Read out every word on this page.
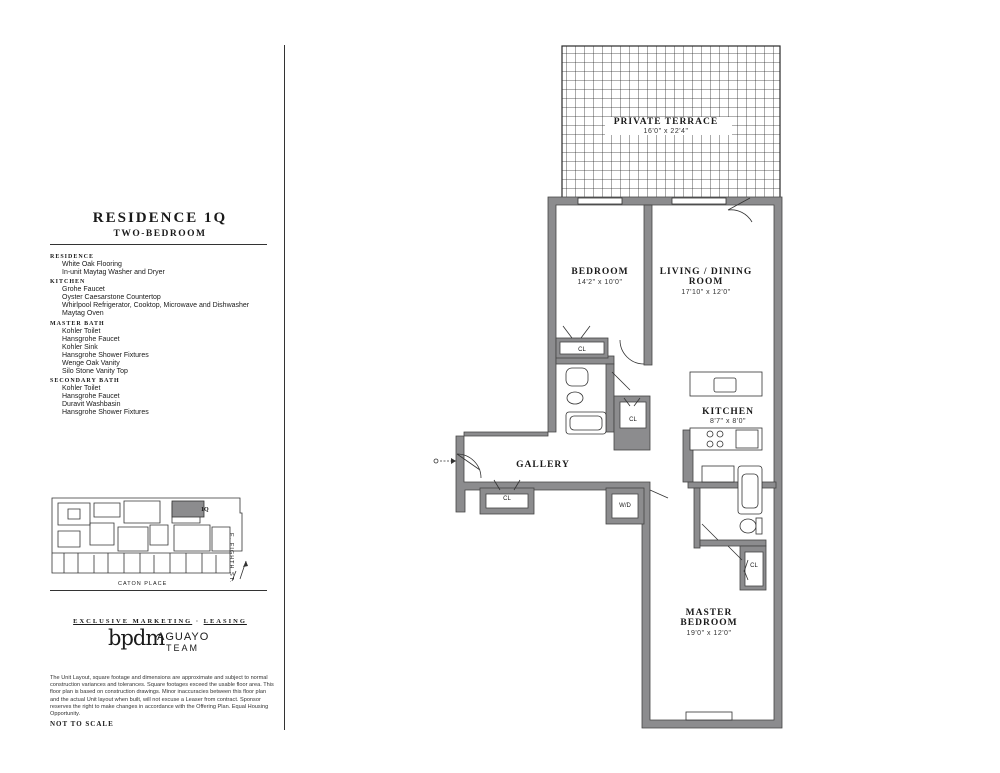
RESIDENCE 1Q
TWO-BEDROOM
RESIDENCE
White Oak Flooring
In-unit Maytag Washer and Dryer
KITCHEN
Grohe Faucet
Oyster Caesarstone Countertop
Whirlpool Refrigerator, Cooktop, Microwave and Dishwasher
Maytag Oven
MASTER BATH
Kohler Toilet
Hansgrohe Faucet
Kohler Sink
Hansgrohe Shower Fixtures
Wenge Oak Vanity
Silo Stone Vanity Top
SECONDARY BATH
Kohler Toilet
Hansgrohe Faucet
Duravit Washbasin
Hansgrohe Shower Fixtures
1Q
CATON PLACE
E. EIGHTH ST.
EXCLUSIVE MARKETING · LEASING
bpdm
AGUAYO
TEAM
The Unit Layout, square footage and dimensions are approximate and subject to normal construction variances and tolerances. Square footages exceed the usable floor area. This floor plan is based on construction drawings. Minor inaccuracies between this floor plan and the actual Unit layout when built, will not excuse a Leaser from contract. Sponsor reserves the right to make changes in accordance with the Offering Plan. Equal Housing Opportunity.
NOT TO SCALE
PRIVATE TERRACE
16'0" x 22'4"
BEDROOM
14'2" x 10'0"
LIVING / DINING
ROOM
17'10" x 12'0"
KITCHEN
8'7" x 8'0"
GALLERY
MASTER
BEDROOM
19'0" x 12'0"
CL
CL
CL
W/D
CL
